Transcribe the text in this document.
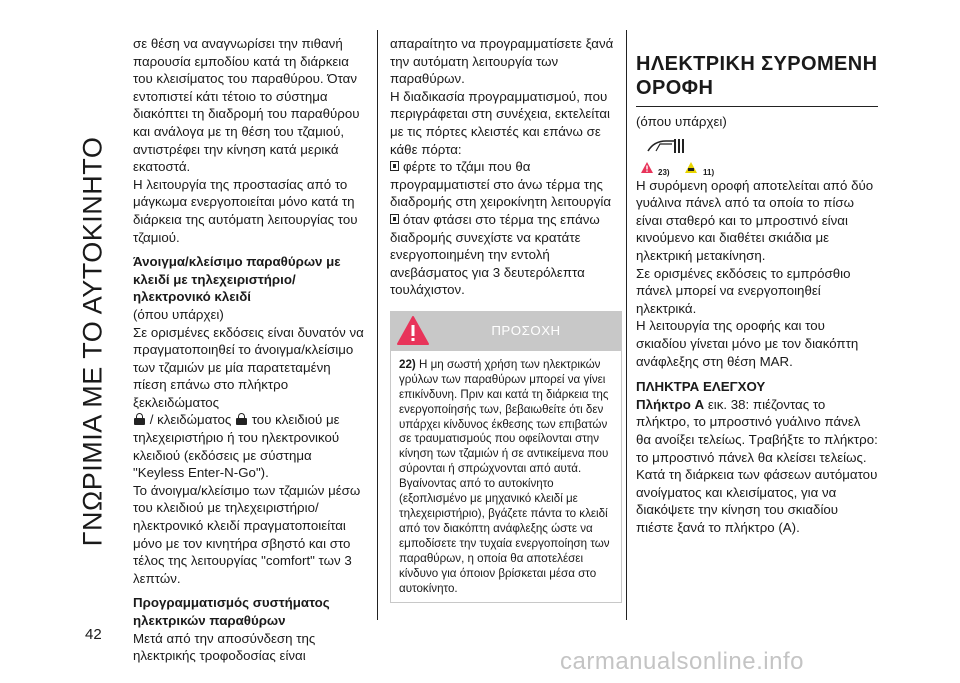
ΓΝΩΡΙΜΙΑ ΜΕ ΤΟ ΑΥΤΟΚΙΝΗΤΟ
42

σε θέση να αναγνωρίσει την πιθανή παρουσία εμποδίου κατά τη διάρκεια του κλεισίματος του παραθύρου. Όταν εντοπιστεί κάτι τέτοιο το σύστημα διακόπτει τη διαδρομή του παραθύρου και ανάλογα με τη θέση του τζαμιού, αντιστρέφει την κίνηση κατά μερικά εκατοστά.

Η λειτουργία της προστασίας από το μάγκωμα ενεργοποιείται μόνο κατά τη διάρκεια της αυτόματη λειτουργίας του τζαμιού.

Άνοιγμα/κλείσιμο παραθύρων με κλειδί με τηλεχειριστήριο/ηλεκτρονικό κλειδί

(όπου υπάρχει)

Σε ορισμένες εκδόσεις είναι δυνατόν να πραγματοποιηθεί το άνοιγμα/κλείσιμο των τζαμιών με μία παρατεταμένη πίεση επάνω στο πλήκτρο ξεκλειδώματος

/ κλειδώματος του κλειδιού με τηλεχειριστήριο ή του ηλεκτρονικού κλειδιού (εκδόσεις με σύστημα "Keyless Enter-N-Go").

Το άνοιγμα/κλείσιμο των τζαμιών μέσω του κλειδιού με τηλεχειριστήριο/ηλεκτρονικό κλειδί πραγματοποιείται μόνο με τον κινητήρα σβηστό και στο τέλος της λειτουργίας "comfort" των 3 λεπτών.

Προγραμματισμός συστήματος ηλεκτρικών παραθύρων

Μετά από την αποσύνδεση της ηλεκτρικής τροφοδοσίας είναι

απαραίτητο να προγραμματίσετε ξανά την αυτόματη λειτουργία των παραθύρων.

Η διαδικασία προγραμματισμού, που περιγράφεται στη συνέχεια, εκτελείται με τις πόρτες κλειστές και επάνω σε κάθε πόρτα:

φέρτε το τζάμι που θα προγραμματιστεί στο άνω τέρμα της διαδρομής στη χειροκίνητη λειτουργία

όταν φτάσει στο τέρμα της επάνω διαδρομής συνεχίστε να κρατάτε ενεργοποιημένη την εντολή ανεβάσματος για 3 δευτερόλεπτα τουλάχιστον.

ΠΡΟΣΟΧΗ
22) Η μη σωστή χρήση των ηλεκτρικών γρύλων των παραθύρων μπορεί να γίνει επικίνδυνη. Πριν και κατά τη διάρκεια της ενεργοποίησής των, βεβαιωθείτε ότι δεν υπάρχει κίνδυνος έκθεσης των επιβατών σε τραυματισμούς που οφείλονται στην κίνηση των τζαμιών ή σε αντικείμενα που σύρονται ή σπρώχνονται από αυτά. Βγαίνοντας από το αυτοκίνητο (εξοπλισμένο με μηχανικό κλειδί με τηλεχειριστήριο), βγάζετε πάντα το κλειδί από τον διακόπτη ανάφλεξης ώστε να εμποδίσετε την τυχαία ενεργοποίηση των παραθύρων, η οποία θα αποτελέσει κίνδυνο για όποιον βρίσκεται μέσα στο αυτοκίνητο.
ΗΛΕΚΤΡΙΚΗ ΣΥΡΟΜΕΝΗ ΟΡΟΦΗ

(όπου υπάρχει)

23)	11)

Η συρόμενη οροφή αποτελείται από δύο γυάλινα πάνελ από τα οποία το πίσω είναι σταθερό και το μπροστινό είναι κινούμενο και διαθέτει σκιάδια με ηλεκτρική μετακίνηση.

Σε ορισμένες εκδόσεις το εμπρόσθιο πάνελ μπορεί να ενεργοποιηθεί ηλεκτρικά.

Η λειτουργία της οροφής και του σκιαδίου γίνεται μόνο με τον διακόπτη ανάφλεξης στη θέση MAR.

ΠΛΗΚΤΡΑ ΕΛΕΓΧΟΥ

Πλήκτρο A εικ. 38: πιέζοντας το πλήκτρο, το μπροστινό γυάλινο πάνελ θα ανοίξει τελείως. Τραβήξτε το πλήκτρο: το μπροστινό πάνελ θα κλείσει τελείως. Κατά τη διάρκεια των φάσεων αυτόματου ανοίγματος και κλεισίματος, για να διακόψετε την κίνηση του σκιαδίου πιέστε ξανά το πλήκτρο (A).

carmanualsonline.info
